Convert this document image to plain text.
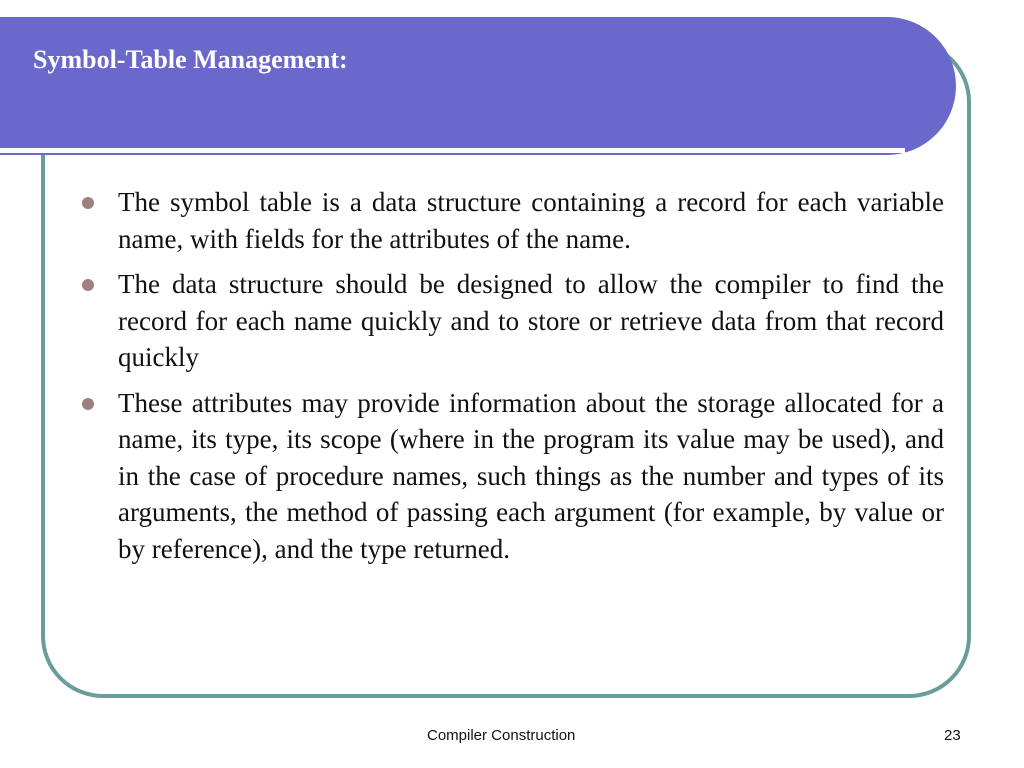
Symbol-Table Management:
The symbol table is a data structure containing a record for each variable name, with fields for the attributes of the name.
The data structure should be designed to allow the compiler to find the record for each name quickly and to store or retrieve data from that record quickly
These attributes may provide information about the storage allocated for a name, its type, its scope (where in the program its value may be used), and in the case of procedure names, such things as the number and types of its arguments, the method of passing each argument (for example, by value or by reference), and the type returned.
Compiler Construction	23
